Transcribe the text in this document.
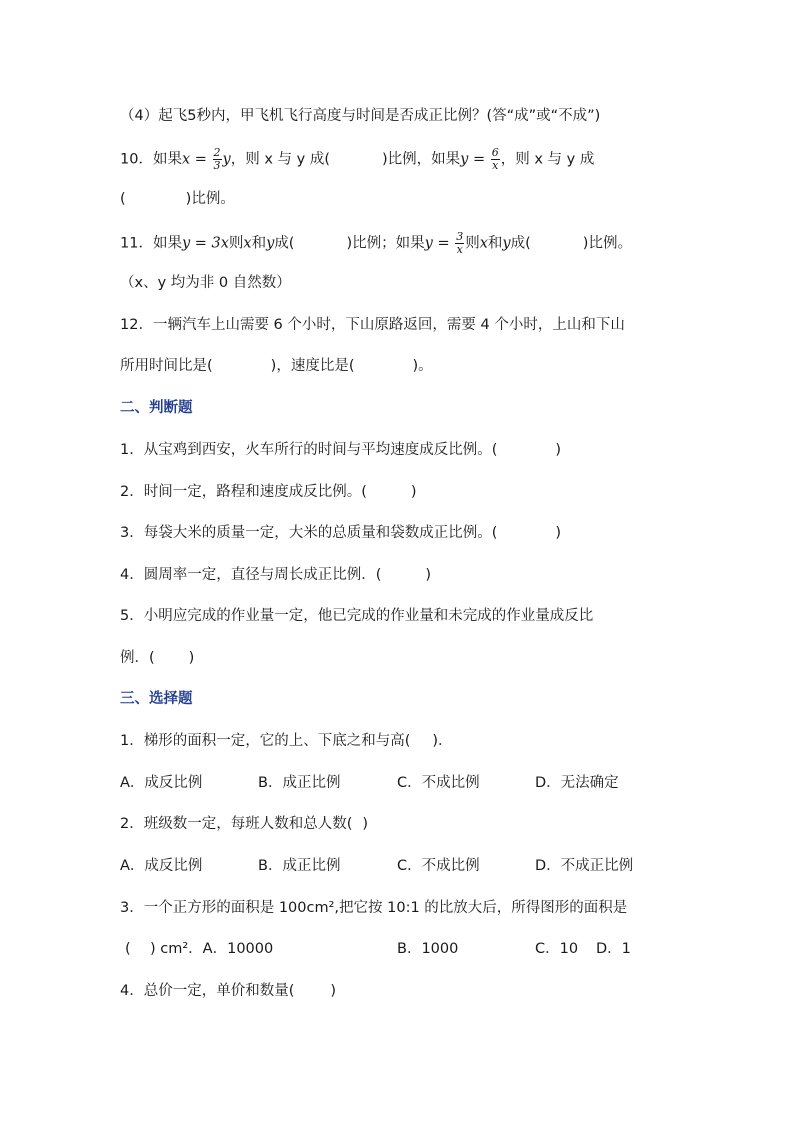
（4）起飞5秒内，甲飞机飞行高度与时间是否成正比例？(答“成”或“不成”)
10．如果$x = \frac{2}{3}$ y，则 x 与 y 成(	)比例，如果$y = \frac{6}{x}$ ，则 x 与 y 成
(	)比例。
11．如果y = 3x则x和y成(	)比例；如果$y = \frac{3}{x}$ 则x和y成(	)比例。
（x、y 均为非 0 自然数）
12．一辆汽车上山需要 6 个小时，下山原路返回，需要 4 个小时，上山和下山
所用时间比是(	)，速度比是(	)。
二、判断题
1．从宝鸡到西安，火车所行的时间与平均速度成反比例。(	)
2．时间一定，路程和速度成反比例。(	)
3．每袋大米的质量一定，大米的总质量和袋数成正比例。(	)
4．圆周率一定，直径与周长成正比例．(	)
5．小明应完成的作业量一定，他已完成的作业量和未完成的作业量成反比
例．( )
三、选择题
1．梯形的面积一定，它的上、下底之和与高( )．
A．成反比例	B．成正比例	C．不成比例	D．无法确定
2．班级数一定，每班人数和总人数( )
A．成反比例	B．成正比例	C．不成比例	D．不成正比例
3．一个正方形的面积是 100cm²,把它按 10:1 的比放大后，所得图形的面积是
( ) cm²．A．10000	B．1000	C．10 D．1
4．总价一定，单价和数量( )
